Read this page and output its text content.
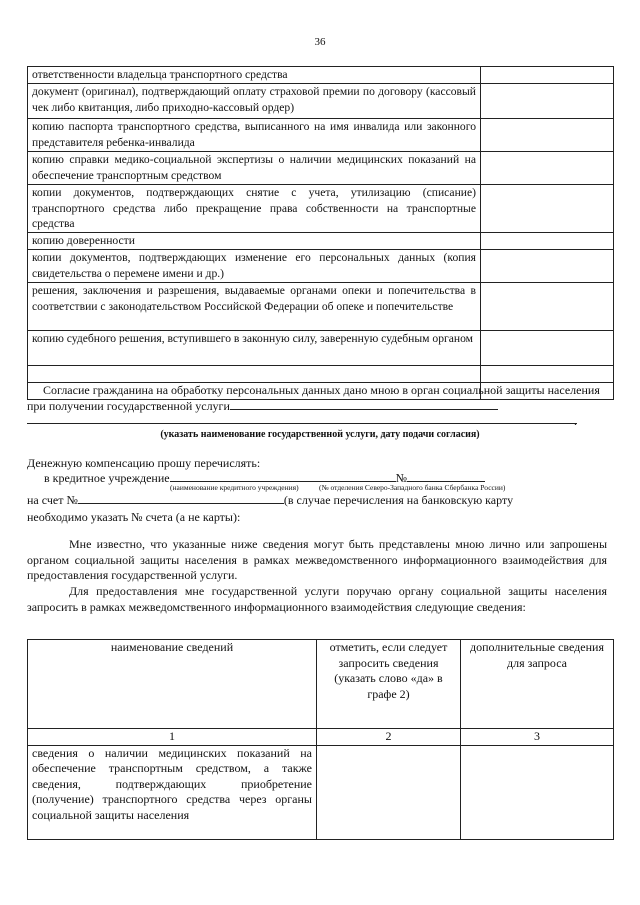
36
ответственности владельца транспортного средства	
документ (оригинал), подтверждающий оплату страховой премии по договору (кассовый чек либо квитанция, либо приходно-кассовый ордер)	
копию паспорта транспортного средства, выписанного на имя инвалида или законного представителя ребенка-инвалида	
копию справки медико-социальной экспертизы о наличии медицинских показаний на обеспечение транспортным средством	
копии документов, подтверждающих снятие с учета, утилизацию (списание) транспортного средства либо прекращение права собственности на транспортные средства	
копию доверенности	
копии документов, подтверждающих изменение его персональных данных (копия свидетельства о перемене имени и др.)	
решения, заключения и разрешения, выдаваемые органами опеки и попечительства в соответствии с законодательством Российской Федерации об опеке и попечительстве	
копию судебного решения, вступившего в законную силу, заверенную судебным органом	

Согласие гражданина на обработку персональных данных дано мною в орган социальной защиты населения при получении государственной услуги

.
(указать наименование государственной услуги, дату подачи согласия)
Денежную компенсацию прошу перечислять:
в кредитное учреждение	№
(наименование кредитного учреждения)	(№ отделения Северо-Западного банка Сбербанка России)
на счет №	(в случае перечисления на банковскую карту
необходимо указать № счета (а не карты):

Мне известно, что указанные ниже сведения могут быть представлены мною лично или запрошены органом социальной защиты населения в рамках межведомственного информационного взаимодействия для предоставления государственной услуги.

Для предоставления мне государственной услуги поручаю органу социальной защиты населения запросить в рамках межведомственного информационного взаимодействия следующие сведения:

наименование сведений	отметить, если следует запросить сведения (указать слово «да» в графе 2)	дополнительные сведения для запроса
1	2	3
сведения о наличии медицинских показаний на обеспечение транспортным средством, а также сведения, подтверждающих приобретение (получение) транспортного средства через органы социальной защиты населения		
